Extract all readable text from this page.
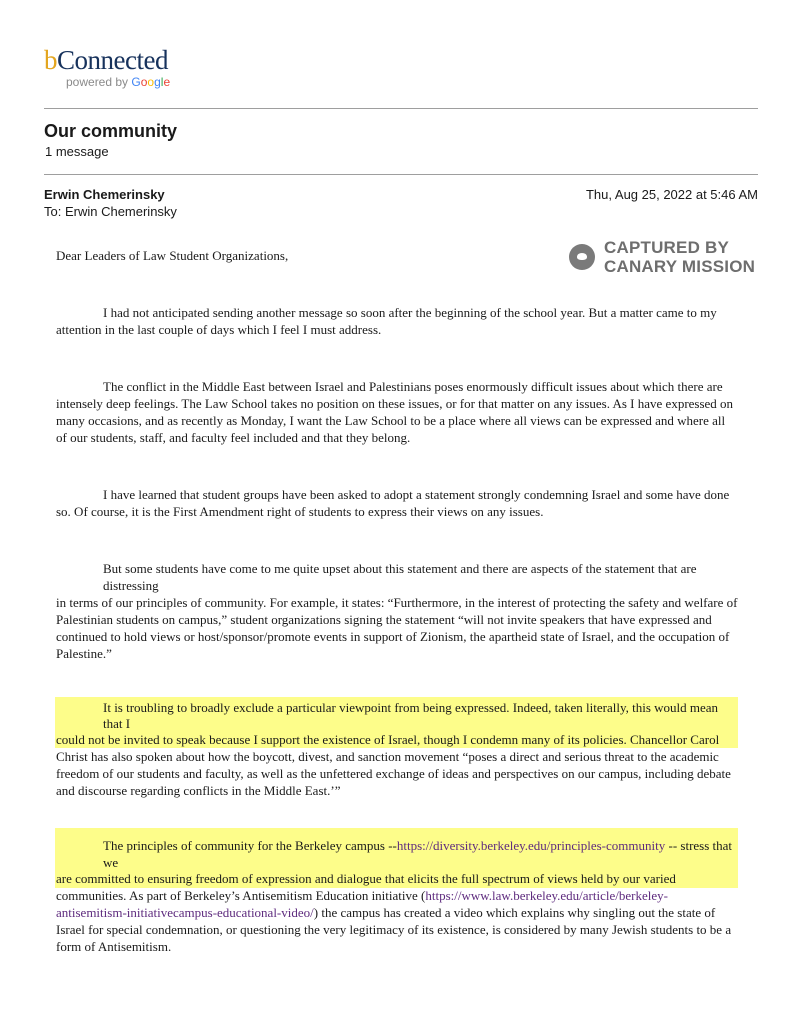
bConnected
powered by Google
Our community
1 message
Erwin Chemerinsky
To: Erwin Chemerinsky
Thu, Aug 25, 2022 at 5:46 AM
CAPTURED BY
CANARY MISSION
Dear Leaders of Law Student Organizations,
I had not anticipated sending another message so soon after the beginning of the school year. But a matter came to my
attention in the last couple of days which I feel I must address.
The conflict in the Middle East between Israel and Palestinians poses enormously difficult issues about which there are
intensely deep feelings. The Law School takes no position on these issues, or for that matter on any issues. As I have expressed on
many occasions, and as recently as Monday, I want the Law School to be a place where all views can be expressed and where all
of our students, staff, and faculty feel included and that they belong.
I have learned that student groups have been asked to adopt a statement strongly condemning Israel and some have done
so. Of course, it is the First Amendment right of students to express their views on any issues.
But some students have come to me quite upset about this statement and there are aspects of the statement that are
distressing
in terms of our principles of community. For example, it states: “Furthermore, in the interest of protecting the safety and welfare of
Palestinian students on campus,” student organizations signing the statement “will not invite speakers that have expressed and
continued to hold views or host/sponsor/promote events in support of Zionism, the apartheid state of Israel, and the occupation of
Palestine.”
It is troubling to broadly exclude a particular viewpoint from being expressed. Indeed, taken literally, this would mean
that I
could not be invited to speak because I support the existence of Israel, though I condemn many of its policies. Chancellor Carol
Christ has also spoken about how the boycott, divest, and sanction movement “poses a direct and serious threat to the academic
freedom of our students and faculty, as well as the unfettered exchange of ideas and perspectives on our campus, including debate
and discourse regarding conflicts in the Middle East.’”
The principles of community for the Berkeley campus --https://diversity.berkeley.edu/principles-community -- stress that
we
are committed to ensuring freedom of expression and dialogue that elicits the full spectrum of views held by our varied
communities. As part of Berkeley’s Antisemitism Education initiative (https://www.law.berkeley.edu/article/berkeley-
antisemitism-initiativecampus-educational-video/) the campus has created a video which explains why singling out the state of
Israel for special condemnation, or questioning the very legitimacy of its existence, is considered by many Jewish students to be a
form of Antisemitism.
